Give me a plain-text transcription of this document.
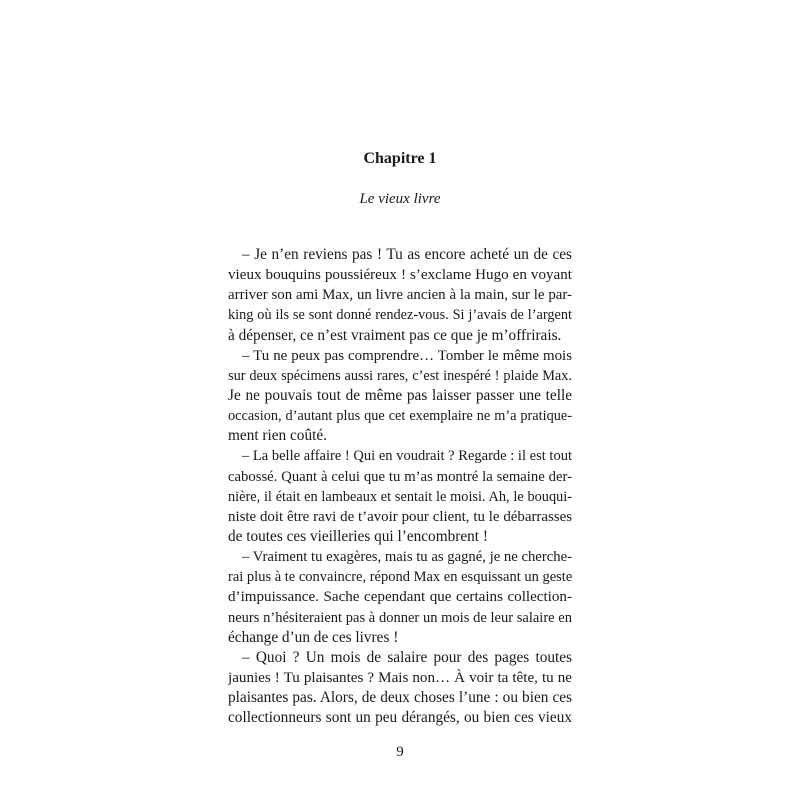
Chapitre 1
Le vieux livre
– Je n’en reviens pas ! Tu as encore acheté un de ces
vieux bouquins poussiéreux ! s’exclame Hugo en voyant
arriver son ami Max, un livre ancien à la main, sur le par-
king où ils se sont donné rendez-vous. Si j’avais de l’argent
à dépenser, ce n’est vraiment pas ce que je m’offrirais.
– Tu ne peux pas comprendre… Tomber le même mois
sur deux spécimens aussi rares, c’est inespéré ! plaide Max.
Je ne pouvais tout de même pas laisser passer une telle
occasion, d’autant plus que cet exemplaire ne m’a pratique-
ment rien coûté.
– La belle affaire ! Qui en voudrait ? Regarde : il est tout
cabossé. Quant à celui que tu m’as montré la semaine der-
nière, il était en lambeaux et sentait le moisi. Ah, le bouqui-
niste doit être ravi de t’avoir pour client, tu le débarrasses
de toutes ces vieilleries qui l’encombrent !
– Vraiment tu exagères, mais tu as gagné, je ne cherche-
rai plus à te convaincre, répond Max en esquissant un geste
d’impuissance. Sache cependant que certains collection-
neurs n’hésiteraient pas à donner un mois de leur salaire en
échange d’un de ces livres !
– Quoi ? Un mois de salaire pour des pages toutes
jaunies ! Tu plaisantes ? Mais non… À voir ta tête, tu ne
plaisantes pas. Alors, de deux choses l’une : ou bien ces
collectionneurs sont un peu dérangés, ou bien ces vieux
9
